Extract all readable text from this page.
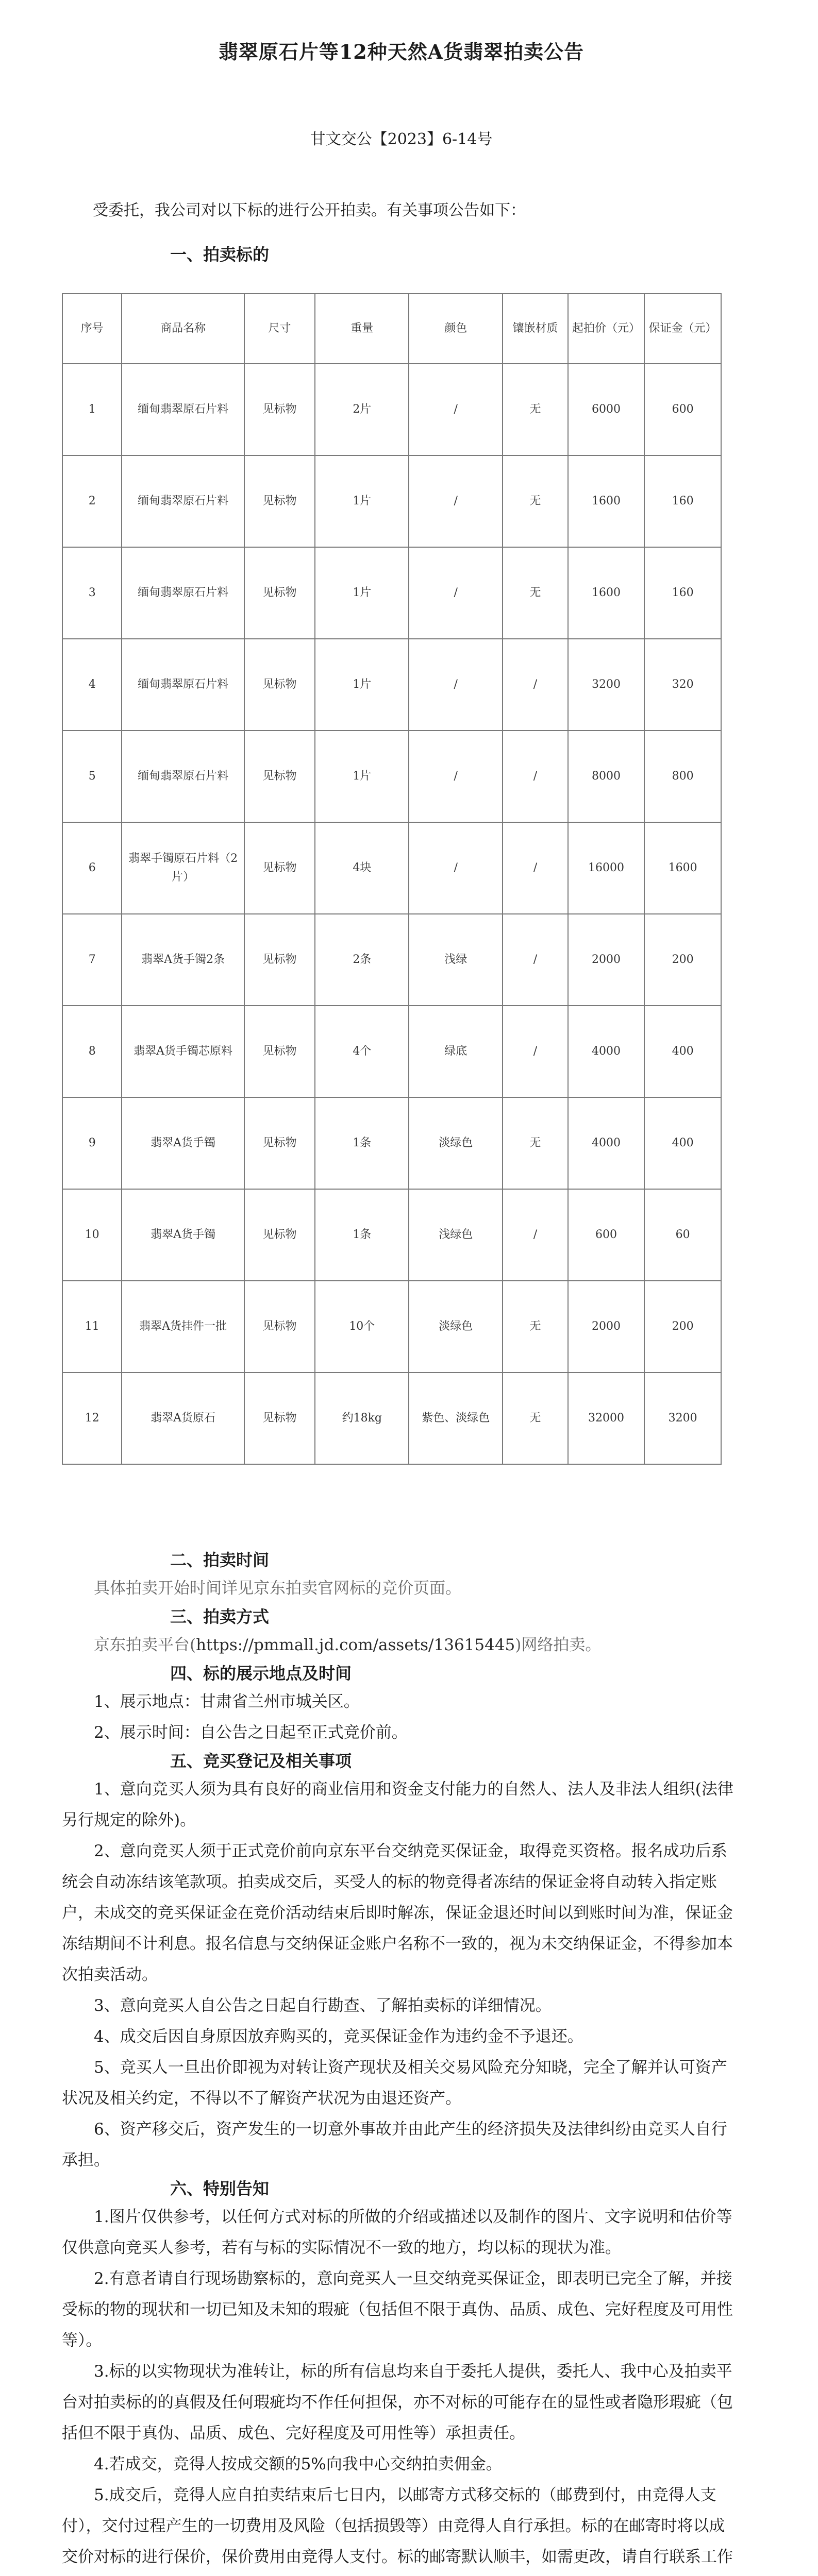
翡翠原石片等12种天然A货翡翠拍卖公告
甘文交公【2023】6-14号

受委托，我公司对以下标的进行公开拍卖。有关事项公告如下：

一、拍卖标的
序号	商品名称	尺寸	重量	颜色	镶嵌材质	起拍价（元）	保证金（元）
1	缅甸翡翠原石片料	见标物	2片	/	无	6000	600
2	缅甸翡翠原石片料	见标物	1片	/	无	1600	160
3	缅甸翡翠原石片料	见标物	1片	/	无	1600	160
4	缅甸翡翠原石片料	见标物	1片	/	/	3200	320
5	缅甸翡翠原石片料	见标物	1片	/	/	8000	800
6	翡翠手镯原石片料（2片）	见标物	4块	/	/	16000	1600
7	翡翠A货手镯2条	见标物	2条	浅绿	/	2000	200
8	翡翠A货手镯芯原料	见标物	4个	绿底	/	4000	400
9	翡翠A货手镯	见标物	1条	淡绿色	无	4000	400
10	翡翠A货手镯	见标物	1条	浅绿色	/	600	60
11	翡翠A货挂件一批	见标物	10个	淡绿色	无	2000	200
12	翡翠A货原石	见标物	约18kg	紫色、淡绿色	无	32000	3200
二、拍卖时间

具体拍卖开始时间详见京东拍卖官网标的竞价页面。

三、拍卖方式

京东拍卖平台(https://pmmall.jd.com/assets/13615445)网络拍卖。

四、标的展示地点及时间

1、展示地点：甘肃省兰州市城关区。

2、展示时间：自公告之日起至正式竞价前。

五、竞买登记及相关事项

1、意向竞买人须为具有良好的商业信用和资金支付能力的自然人、法人及非法人组织(法律另行规定的除外)。

2、意向竞买人须于正式竞价前向京东平台交纳竞买保证金，取得竞买资格。报名成功后系统会自动冻结该笔款项。拍卖成交后，买受人的标的物竞得者冻结的保证金将自动转入指定账户，未成交的竞买保证金在竞价活动结束后即时解冻，保证金退还时间以到账时间为准，保证金冻结期间不计利息。报名信息与交纳保证金账户名称不一致的，视为未交纳保证金，不得参加本次拍卖活动。

3、意向竞买人自公告之日起自行勘查、了解拍卖标的详细情况。

4、成交后因自身原因放弃购买的，竞买保证金作为违约金不予退还。

5、竞买人一旦出价即视为对转让资产现状及相关交易风险充分知晓，完全了解并认可资产状况及相关约定，不得以不了解资产状况为由退还资产。

6、资产移交后，资产发生的一切意外事故并由此产生的经济损失及法律纠纷由竞买人自行承担。

六、特别告知

1.图片仅供参考，以任何方式对标的所做的介绍或描述以及制作的图片、文字说明和估价等仅供意向竞买人参考，若有与标的实际情况不一致的地方，均以标的现状为准。

2.有意者请自行现场勘察标的，意向竞买人一旦交纳竞买保证金，即表明已完全了解，并接受标的物的现状和一切已知及未知的瑕疵（包括但不限于真伪、品质、成色、完好程度及可用性等）。

3.标的以实物现状为准转让，标的所有信息均来自于委托人提供，委托人、我中心及拍卖平台对拍卖标的的真假及任何瑕疵均不作任何担保，亦不对标的可能存在的显性或者隐形瑕疵（包括但不限于真伪、品质、成色、完好程度及可用性等）承担责任。

4.若成交，竞得人按成交额的5%向我中心交纳拍卖佣金。

5.成交后，竞得人应自拍卖结束后七日内，以邮寄方式移交标的（邮费到付，由竞得人支付），交付过程产生的一切费用及风险（包括损毁等）由竞得人自行承担。标的在邮寄时将以成交价对标的进行保价，保价费用由竞得人支付。标的邮寄默认顺丰，如需更改，请自行联系工作
